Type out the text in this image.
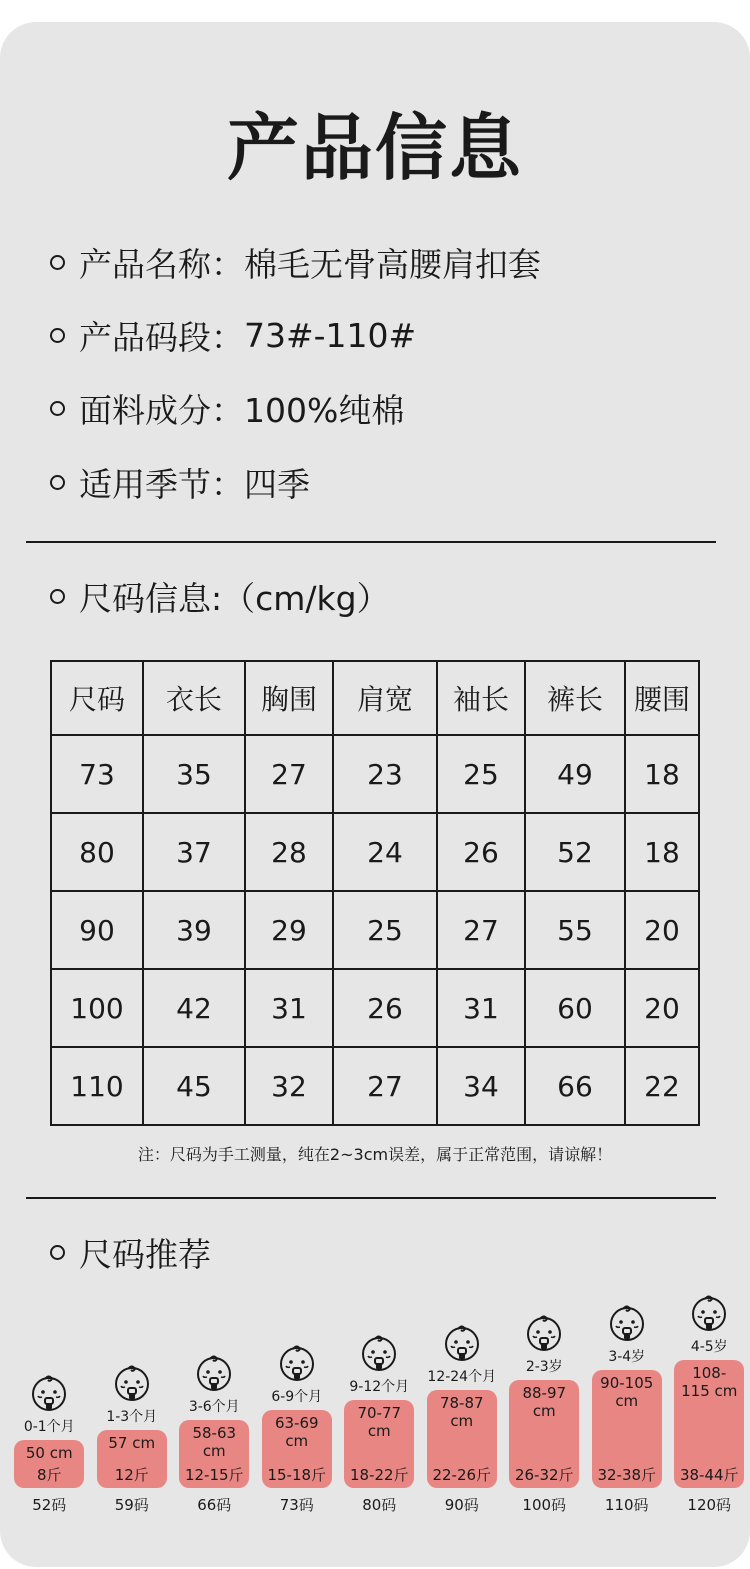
产品信息
产品名称： 棉毛无骨高腰肩扣套
产品码段： 73#-110#
面料成分： 100%纯棉
适用季节： 四季
尺码信息:（cm/kg）
尺码	衣长	胸围	肩宽	袖长	裤长	腰围
73	35	27	23	25	49	18
80	37	28	24	26	52	18
90	39	29	25	27	55	20
100	42	31	26	31	60	20
110	45	32	27	34	66	22
注：尺码为手工测量，纯在2~3cm误差，属于正常范围，请谅解！
尺码推荐
50 cm
8斤
0-1个月
52码
57 cm
12斤
1-3个月
59码
58-63 cm
12-15斤
3-6个月
66码
63-69 cm
15-18斤
6-9个月
73码
70-77 cm
18-22斤
9-12个月
80码
78-87 cm
22-26斤
12-24个月
90码
88-97 cm
26-32斤
2-3岁
100码
90-105 cm
32-38斤
3-4岁
110码
108-115 cm
38-44斤
4-5岁
120码
